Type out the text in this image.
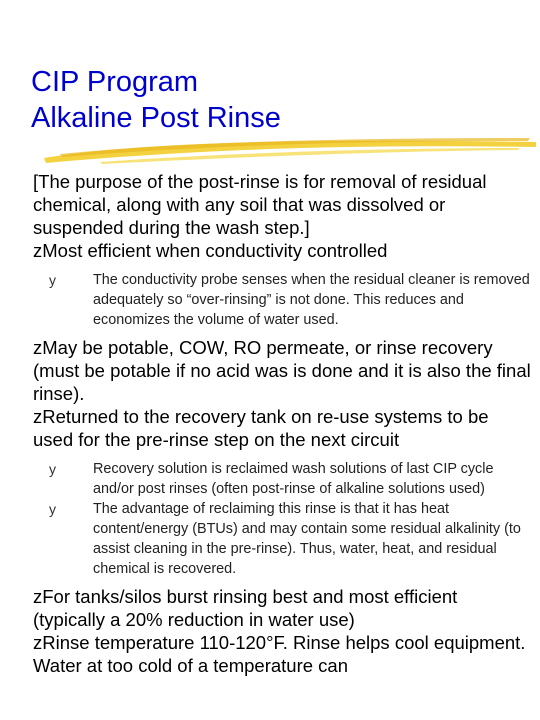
CIP Program
Alkaline Post Rinse

[The purpose of the post-rinse is for removal of residual chemical, along with any soil that was dissolved or suspended during the wash step.]

zMost efficient when conductivity controlled

y	The conductivity probe senses when the residual cleaner is removed adequately so “over-rinsing” is not done. This reduces and economizes the volume of water used.

zMay be potable, COW, RO permeate, or rinse recovery (must be potable if no acid was is done and it is also the final rinse).

zReturned to the recovery tank on re-use systems to be used for the pre-rinse step on the next circuit

y	Recovery solution is reclaimed wash solutions of last CIP cycle and/or post rinses (often post-rinse of alkaline solutions used)

y	The advantage of reclaiming this rinse is that it has heat content/energy (BTUs) and may contain some residual alkalinity (to assist cleaning in the pre-rinse). Thus, water, heat, and residual chemical is recovered.

zFor tanks/silos burst rinsing best and most efficient (typically a 20% reduction in water use)

zRinse temperature 110-120°F. Rinse helps cool equipment. Water at too cold of a temperature can
